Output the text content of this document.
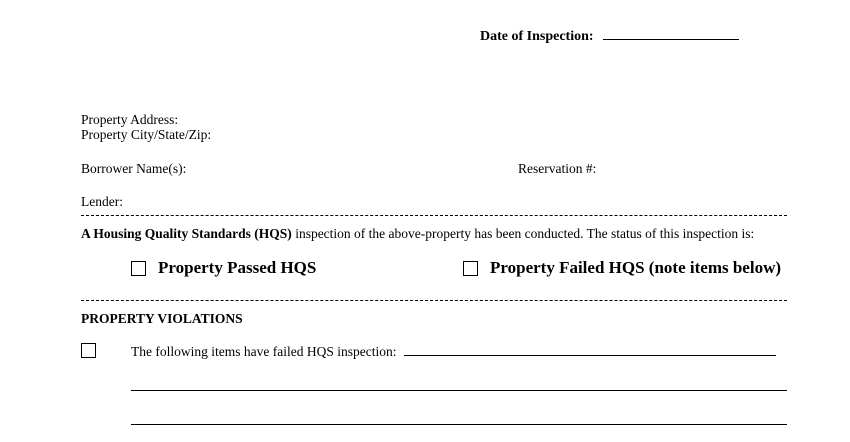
Date of Inspection:
Property Address:
Property City/State/Zip:
Borrower Name(s):	Reservation #:
Lender:
A Housing Quality Standards (HQS) inspection of the above-property has been conducted. The status of this inspection is:
Property Passed HQS	Property Failed HQS (note items below)
PROPERTY VIOLATIONS
The following items have failed HQS inspection:
